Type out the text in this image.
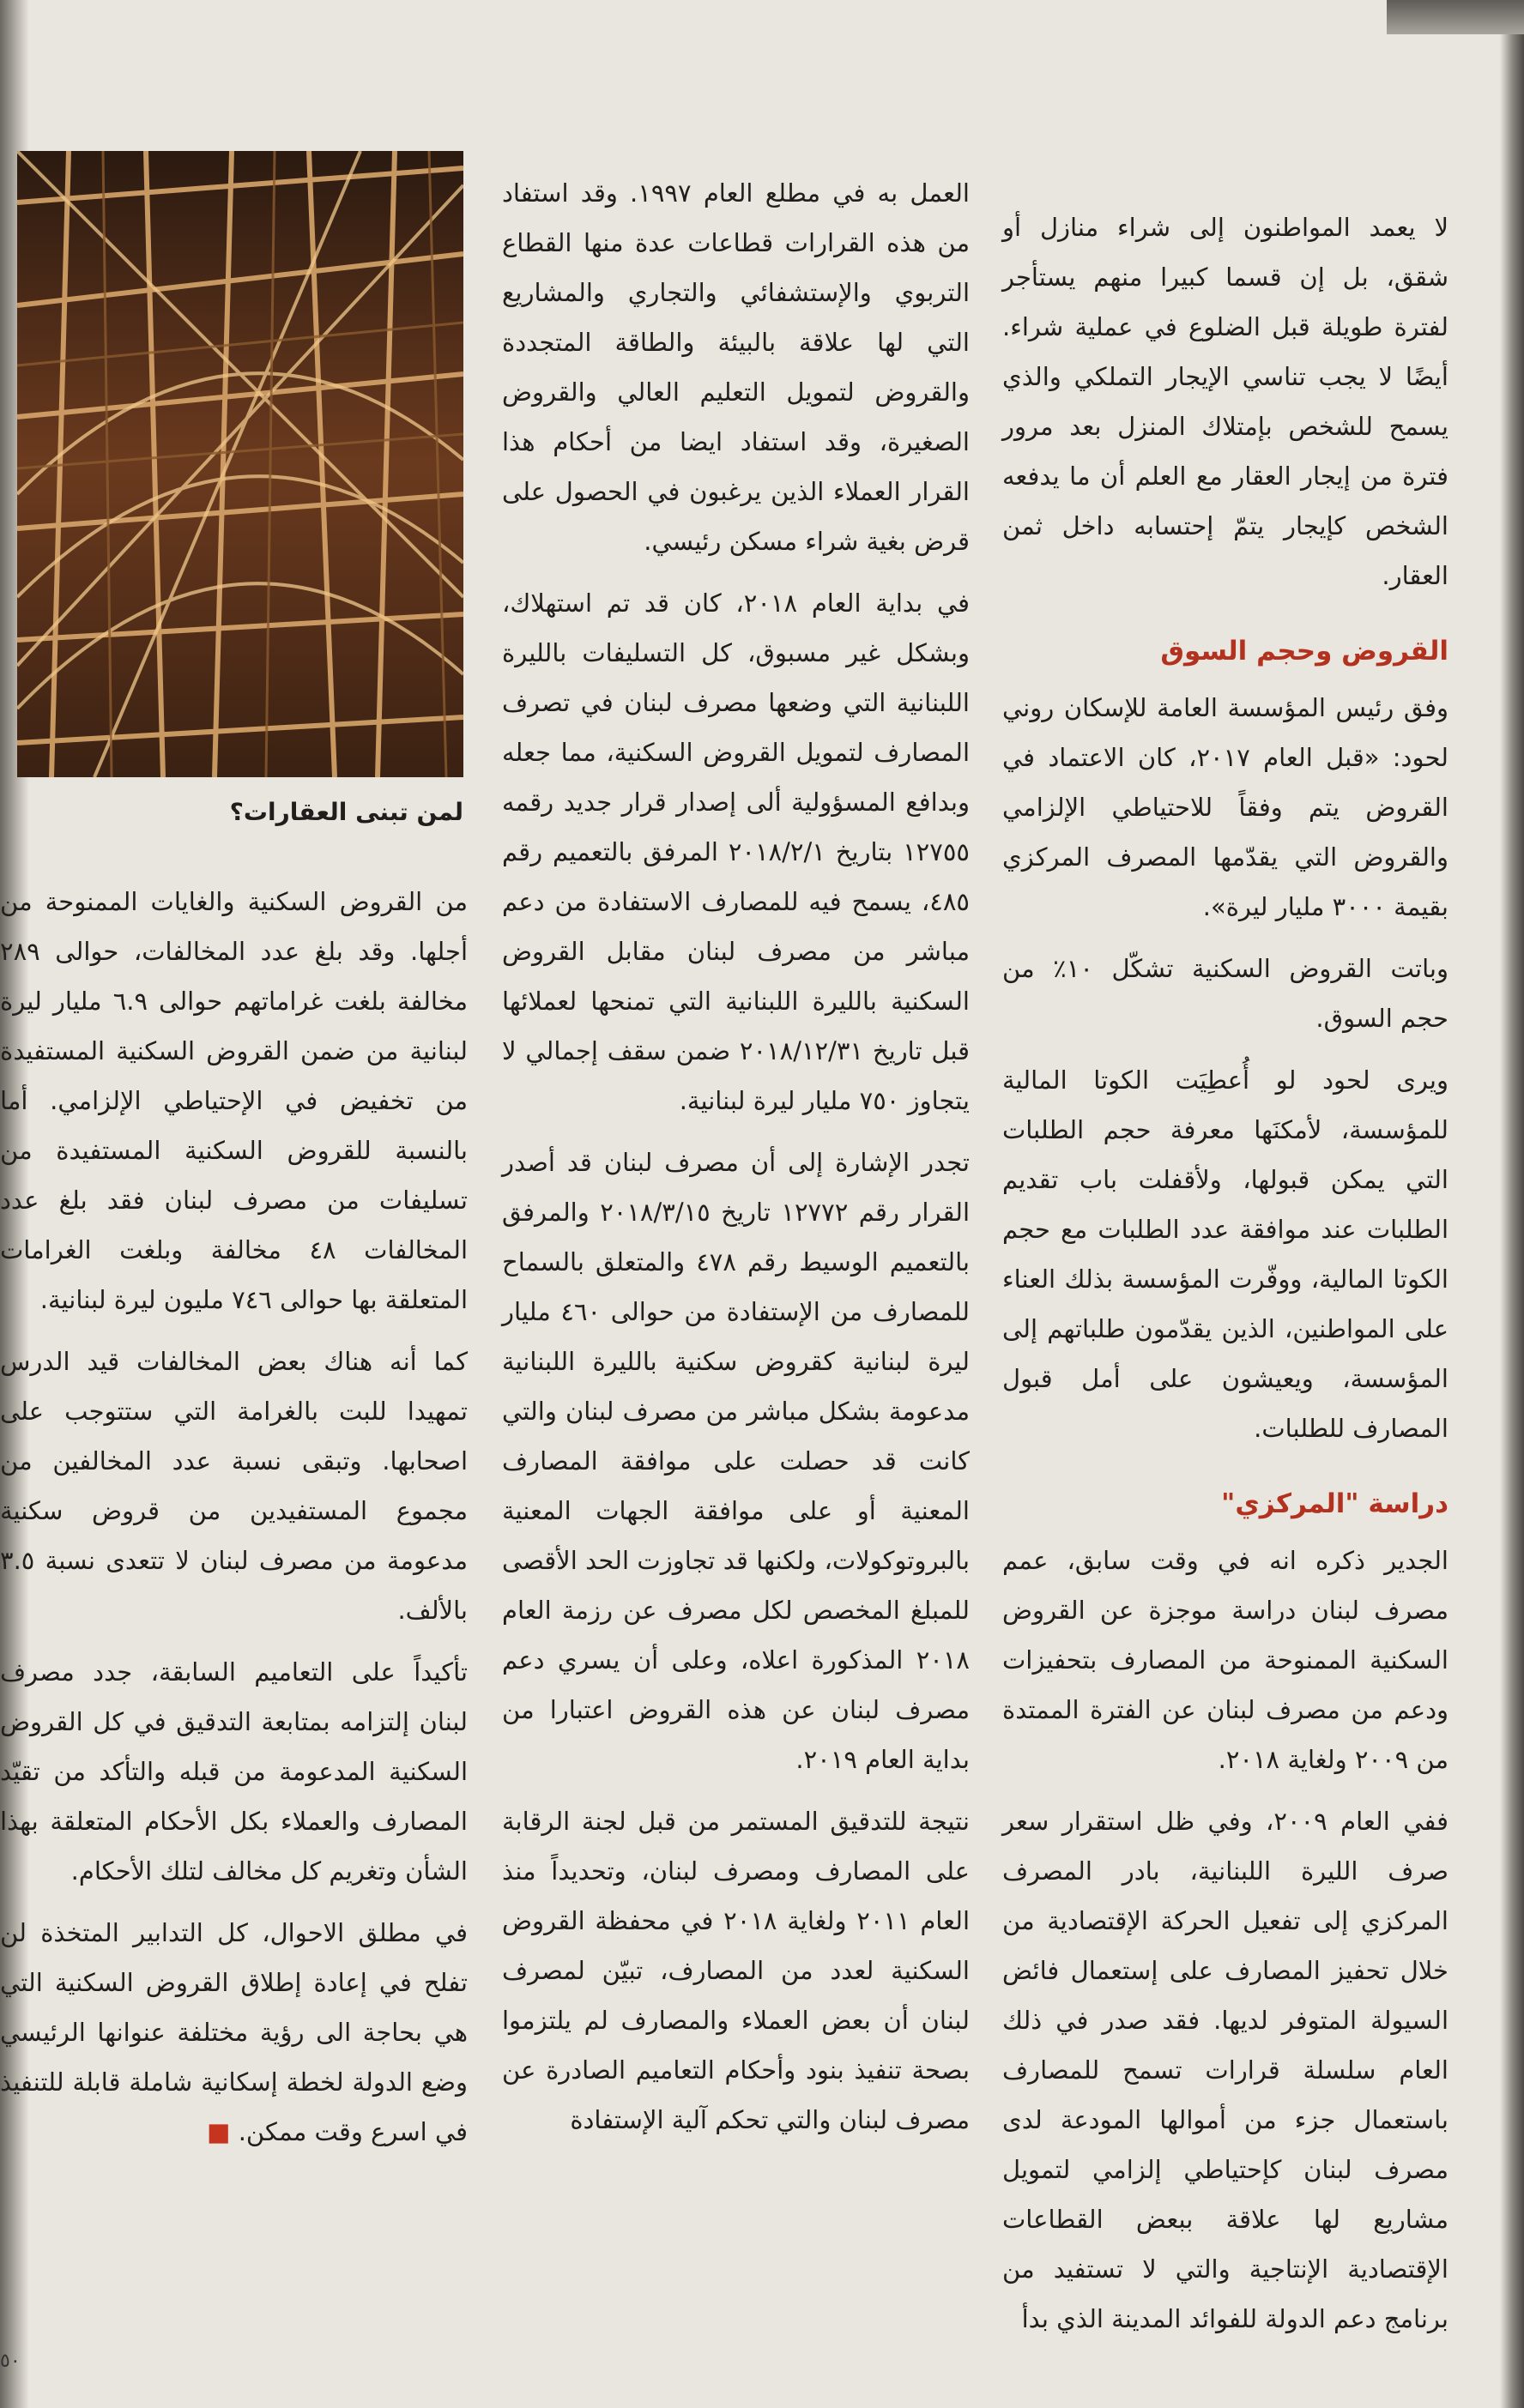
لمن تبنى العقارات؟

لا يعمد المواطنون إلى شراء منازل أو شقق، بل إن قسما كبيرا منهم يستأجر لفترة طويلة قبل الضلوع في عملية شراء. أيضًا لا يجب تناسي الإيجار التملكي والذي يسمح للشخص بإمتلاك المنزل بعد مرور فترة من إيجار العقار مع العلم أن ما يدفعه الشخص كإيجار يتمّ إحتسابه داخل ثمن العقار.

القروض وحجم السوق

وفق رئيس المؤسسة العامة للإسكان روني لحود: «قبل العام ٢٠١٧، كان الاعتماد في القروض يتم وفقاً للاحتياطي الإلزامي والقروض التي يقدّمها المصرف المركزي بقيمة ٣٠٠٠ مليار ليرة».

وباتت القروض السكنية تشكّل ١٠٪ من حجم السوق.

ويرى لحود لو أُعطِيَت الكوتا المالية للمؤسسة، لأمكنَها معرفة حجم الطلبات التي يمكن قبولها، ولأقفلت باب تقديم الطلبات عند موافقة عدد الطلبات مع حجم الكوتا المالية، ووفّرت المؤسسة بذلك العناء على المواطنين، الذين يقدّمون طلباتهم إلى المؤسسة، ويعيشون على أمل قبول المصارف للطلبات.

دراسة "المركزي"

الجدير ذكره انه في وقت سابق، عمم مصرف لبنان دراسة موجزة عن القروض السكنية الممنوحة من المصارف بتحفيزات ودعم من مصرف لبنان عن الفترة الممتدة من ٢٠٠٩ ولغاية ٢٠١٨.

ففي العام ٢٠٠٩، وفي ظل استقرار سعر صرف الليرة اللبنانية، بادر المصرف المركزي إلى تفعيل الحركة الإقتصادية من خلال تحفيز المصارف على إستعمال فائض السيولة المتوفر لديها. فقد صدر في ذلك العام سلسلة قرارات تسمح للمصارف باستعمال جزء من أموالها المودعة لدى مصرف لبنان كإحتياطي إلزامي لتمويل مشاريع لها علاقة ببعض القطاعات الإقتصادية الإنتاجية والتي لا تستفيد من برنامج دعم الدولة للفوائد المدينة الذي بدأ

العمل به في مطلع العام ١٩٩٧. وقد استفاد من هذه القرارات قطاعات عدة منها القطاع التربوي والإستشفائي والتجاري والمشاريع التي لها علاقة بالبيئة والطاقة المتجددة والقروض لتمويل التعليم العالي والقروض الصغيرة، وقد استفاد ايضا من أحكام هذا القرار العملاء الذين يرغبون في الحصول على قرض بغية شراء مسكن رئيسي.

في بداية العام ٢٠١٨، كان قد تم استهلاك، وبشكل غير مسبوق، كل التسليفات بالليرة اللبنانية التي وضعها مصرف لبنان في تصرف المصارف لتمويل القروض السكنية، مما جعله وبدافع المسؤولية ألى إصدار قرار جديد رقمه ١٢٧٥٥ بتاريخ ٢٠١٨/٢/١ المرفق بالتعميم رقم ٤٨٥، يسمح فيه للمصارف الاستفادة من دعم مباشر من مصرف لبنان مقابل القروض السكنية بالليرة اللبنانية التي تمنحها لعملائها قبل تاريخ ٢٠١٨/١٢/٣١ ضمن سقف إجمالي لا يتجاوز ٧٥٠ مليار ليرة لبنانية.

تجدر الإشارة إلى أن مصرف لبنان قد أصدر القرار رقم ١٢٧٧٢ تاريخ ٢٠١٨/٣/١٥ والمرفق بالتعميم الوسيط رقم ٤٧٨ والمتعلق بالسماح للمصارف من الإستفادة من حوالى ٤٦٠ مليار ليرة لبنانية كقروض سكنية بالليرة اللبنانية مدعومة بشكل مباشر من مصرف لبنان والتي كانت قد حصلت على موافقة المصارف المعنية أو على موافقة الجهات المعنية بالبروتوكولات، ولكنها قد تجاوزت الحد الأقصى للمبلغ المخصص لكل مصرف عن رزمة العام ٢٠١٨ المذكورة اعلاه، وعلى أن يسري دعم مصرف لبنان عن هذه القروض اعتبارا من بداية العام ٢٠١٩.

نتيجة للتدقيق المستمر من قبل لجنة الرقابة على المصارف ومصرف لبنان، وتحديداً منذ العام ٢٠١١ ولغاية ٢٠١٨ في محفظة القروض السكنية لعدد من المصارف، تبيّن لمصرف لبنان أن بعض العملاء والمصارف لم يلتزموا بصحة تنفيذ بنود وأحكام التعاميم الصادرة عن مصرف لبنان والتي تحكم آلية الإستفادة

من القروض السكنية والغايات الممنوحة من أجلها. وقد بلغ عدد المخالفات، حوالى ٢٨٩ مخالفة بلغت غراماتهم حوالى ٦.٩ مليار ليرة لبنانية من ضمن القروض السكنية المستفيدة من تخفيض في الإحتياطي الإلزامي. أما بالنسبة للقروض السكنية المستفيدة من تسليفات من مصرف لبنان فقد بلغ عدد المخالفات ٤٨ مخالفة وبلغت الغرامات المتعلقة بها حوالى ٧٤٦ مليون ليرة لبنانية.

كما أنه هناك بعض المخالفات قيد الدرس تمهيدا للبت بالغرامة التي ستتوجب على اصحابها. وتبقى نسبة عدد المخالفين من مجموع المستفيدين من قروض سكنية مدعومة من مصرف لبنان لا تتعدى نسبة ٣.٥ بالألف.

تأكيداً على التعاميم السابقة، جدد مصرف لبنان إلتزامه بمتابعة التدقيق في كل القروض السكنية المدعومة من قبله والتأكد من تقيّد المصارف والعملاء بكل الأحكام المتعلقة بهذا الشأن وتغريم كل مخالف لتلك الأحكام.

في مطلق الاحوال، كل التدابير المتخذة لن تفلح في إعادة إطلاق القروض السكنية التي هي بحاجة الى رؤية مختلفة عنوانها الرئيسي وضع الدولة لخطة إسكانية شاملة قابلة للتنفيذ في اسرع وقت ممكن. ■

٥٠
